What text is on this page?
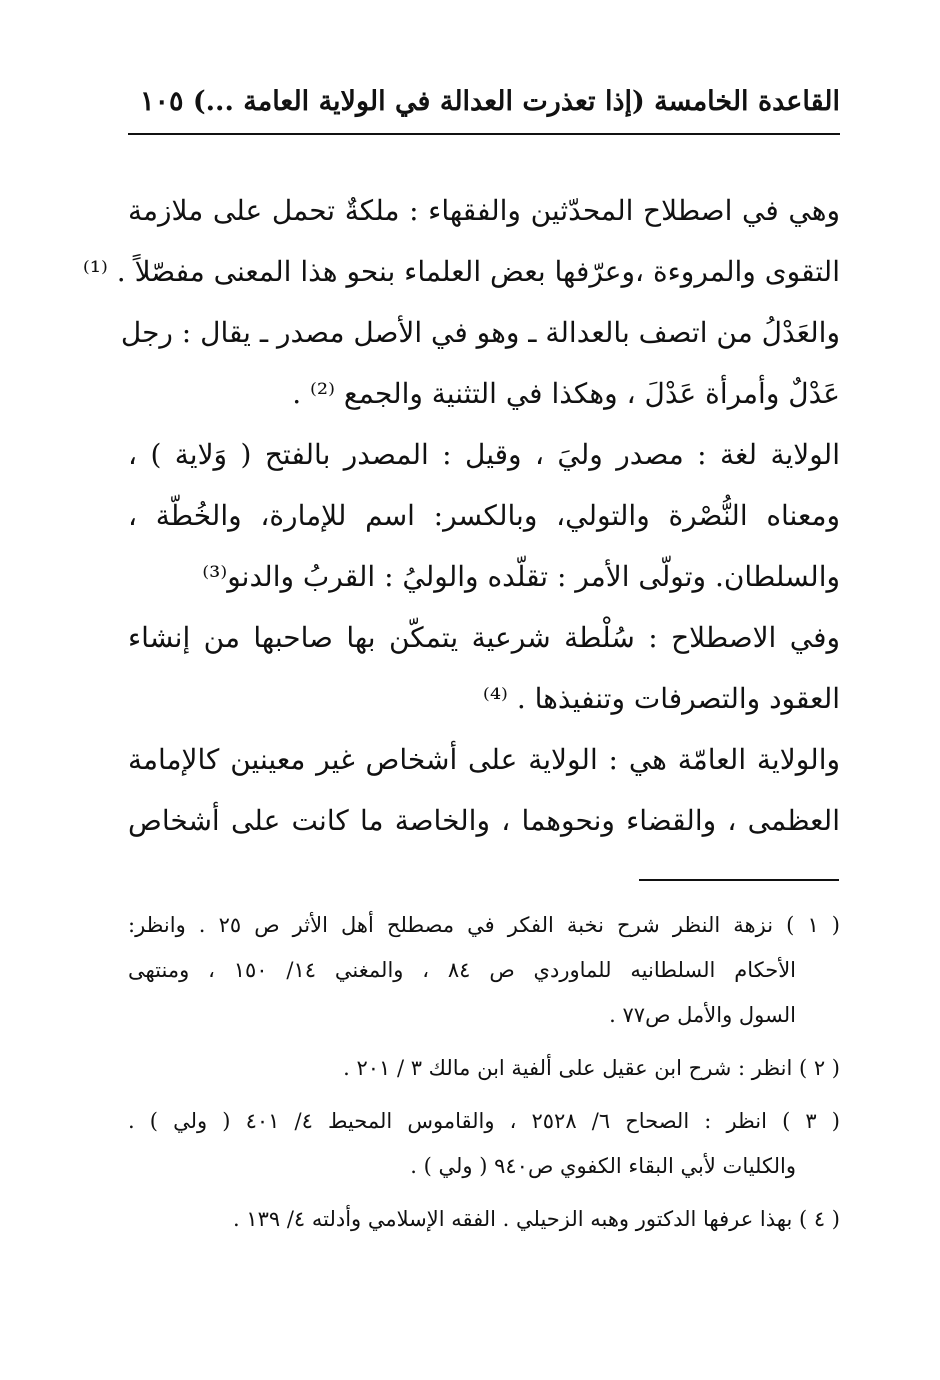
القاعدة الخامسة (إذا تعذرت العدالة في الولاية العامة ...)
١٠٥
وهي في اصطلاح المحدّثين والفقهاء : ملكةٌ تحمل على ملازمة
التقوى والمروءة ،وعرّفها بعض العلماء بنحو هذا المعنى مفصّلاً . ⁽¹⁾
والعَدْلُ من اتصف بالعدالة ـ وهو في الأصل مصدر ـ يقال : رجل
عَدْلٌ وأمرأة عَدْلَ ، وهكذا في التثنية والجمع ⁽²⁾ .
الولاية لغة : مصدر وليَ ، وقيل : المصدر بالفتح ( وَلاية ) ،
ومعناه النُّصْرة والتولي، وبالكسر: اسم للإمارة، والخُطّة ،
والسلطان. وتولّى الأمر : تقلّده والوليُ : القربُ والدنو⁽³⁾
وفي الاصطلاح : سُلْطة شرعية يتمكّن بها صاحبها من إنشاء
العقود والتصرفات وتنفيذها . ⁽⁴⁾
والولاية العامّة هي : الولاية على أشخاص غير معينين كالإمامة
العظمى ، والقضاء ونحوهما ، والخاصة ما كانت على أشخاص
( ١ ) نزهة النظر شرح نخبة الفكر في مصطلح أهل الأثر ص ٢٥ . وانظر:
الأحكام السلطانيه للماوردي ص ٨٤ ، والمغني ١٤/ ١٥٠ ، ومنتهى
السول والأمل ص٧٧ .
( ٢ ) انظر : شرح ابن عقيل على ألفية ابن مالك ٣ / ٢٠١ .
( ٣ ) انظر : الصحاح ٦/ ٢٥٢٨ ، والقاموس المحيط ٤/ ٤٠١ ( ولي ) .
والكليات لأبي البقاء الكفوي ص٩٤٠ ( ولي ) .
( ٤ ) بهذا عرفها الدكتور وهبه الزحيلي . الفقه الإسلامي وأدلته ٤/ ١٣٩ .
